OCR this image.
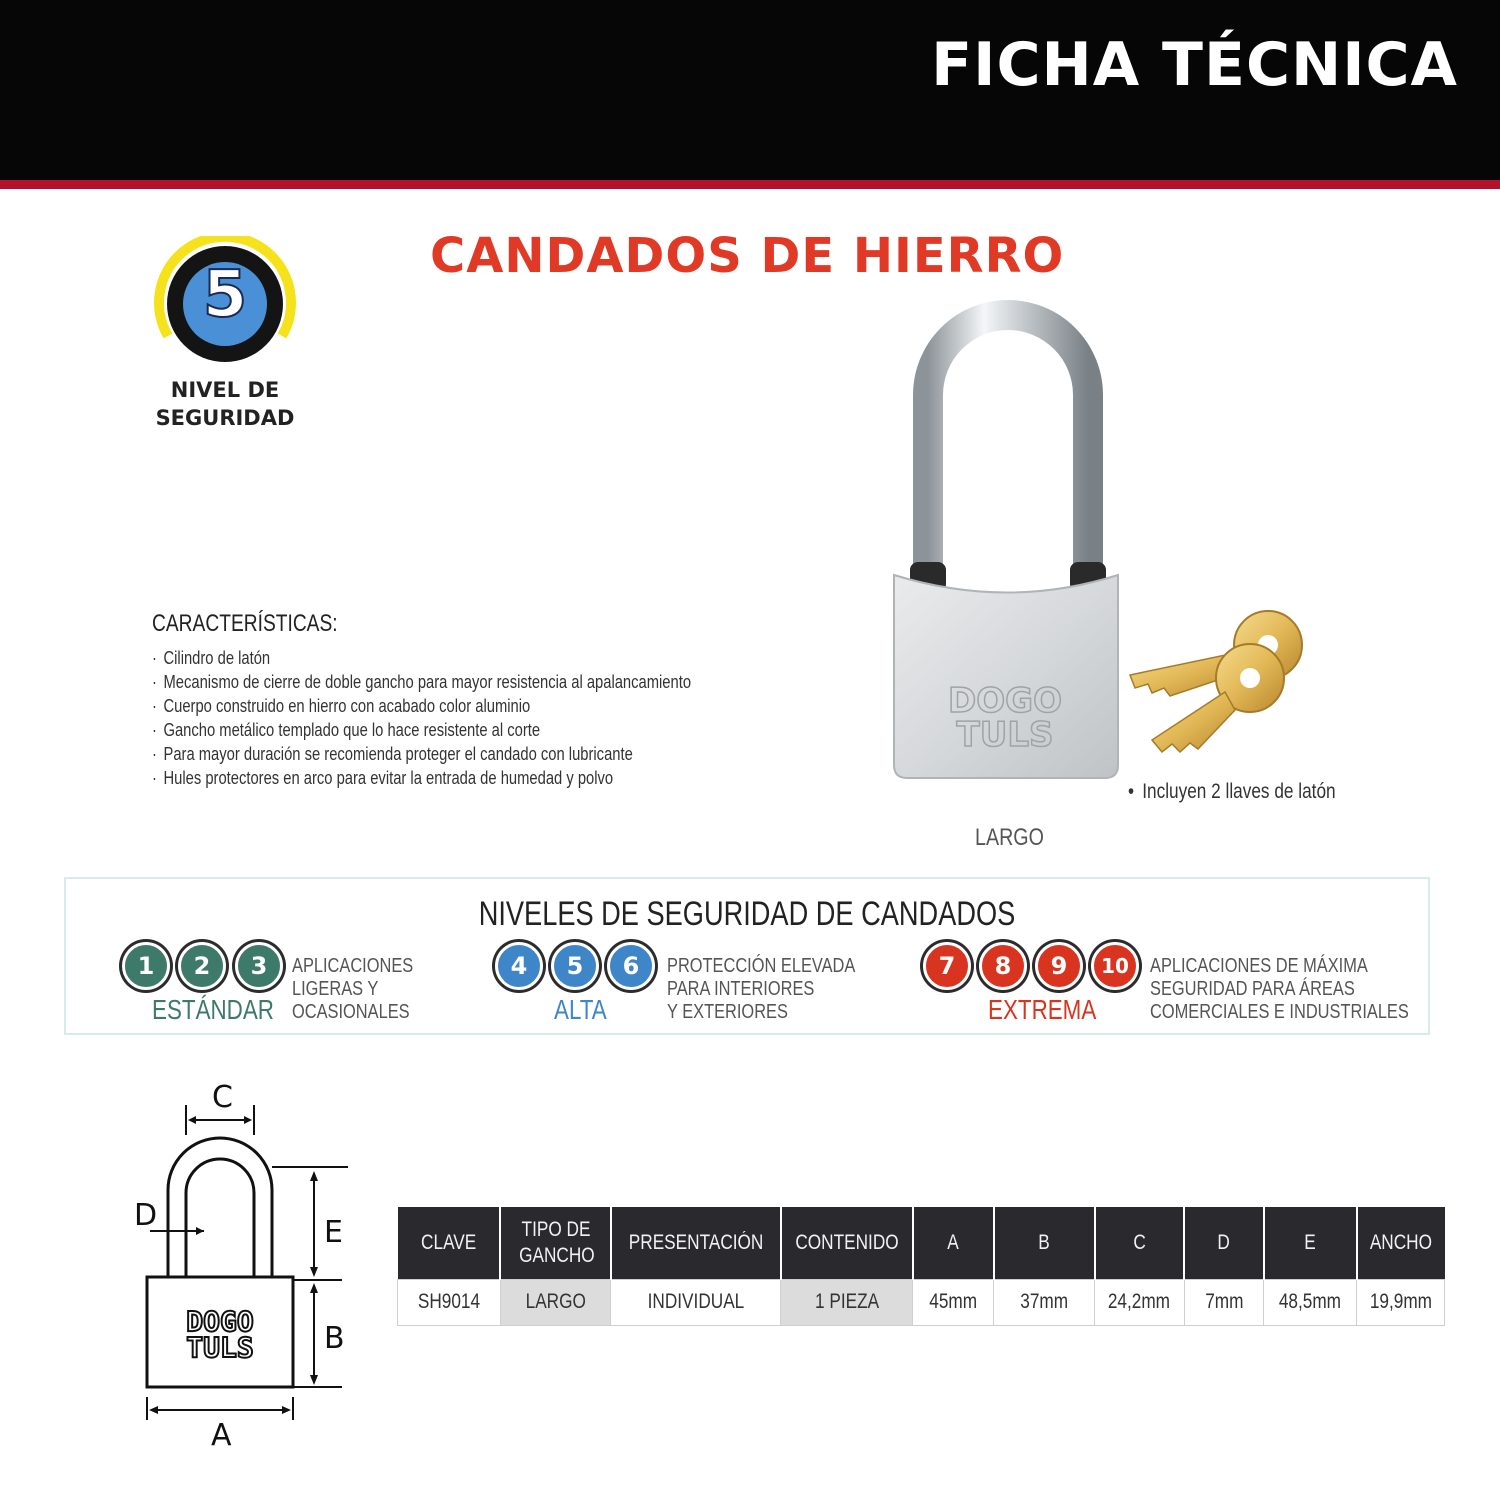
FICHA TÉCNICA
CANDADOS DE HIERRO
5
NIVEL DE
SEGURIDAD
CARACTERÍSTICAS:
· Cilindro de latón
· Mecanismo de cierre de doble gancho para mayor resistencia al apalancamiento
· Cuerpo construido en hierro con acabado color aluminio
· Gancho metálico templado que lo hace resistente al corte
· Para mayor duración se recomienda proteger el candado con lubricante
· Hules protectores en arco para evitar la entrada de humedad y polvo
DOGO
TULS
• Incluyen 2 llaves de latón
LARGO
NIVELES DE SEGURIDAD DE CANDADOS
1	2	3
ESTÁNDAR
APLICACIONES
LIGERAS Y
OCASIONALES
4	5	6
ALTA
PROTECCIÓN ELEVADA
PARA INTERIORES
Y EXTERIORES
7	8	9	10
EXTREMA
APLICACIONES DE MÁXIMA
SEGURIDAD PARA ÁREAS
COMERCIALES E INDUSTRIALES
DOGO
TULS
C
D	E
B
A
CLAVE	TIPO DE GANCHO	PRESENTACIÓN	CONTENIDO	A	B	C	D	E	ANCHO
SH9014	LARGO	INDIVIDUAL	1 PIEZA	45mm	37mm	24,2mm	7mm	48,5mm	19,9mm
